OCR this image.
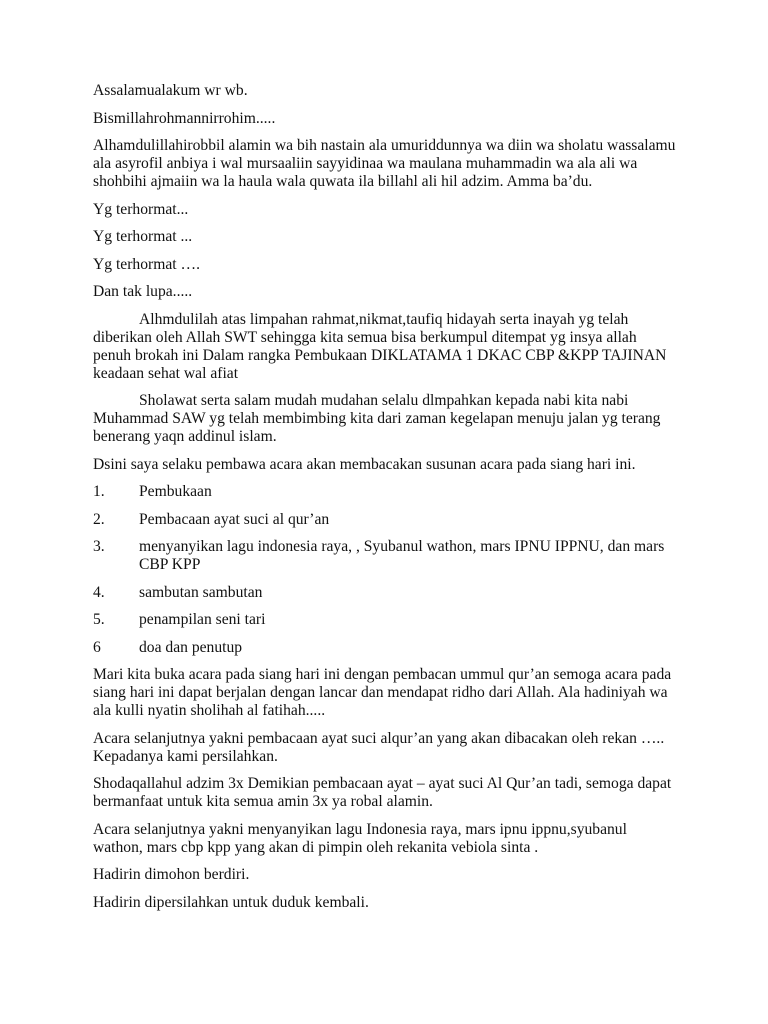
Assalamualakum wr wb.

Bismillahrohmannirrohim.....

Alhamdulillahirobbil alamin wa bih nastain ala umuriddunnya wa diin wa sholatu wassalamu
ala asyrofil anbiya i wal mursaaliin sayyidinaa wa maulana muhammadin wa ala ali wa
shohbihi ajmaiin wa la haula wala quwata ila billahl ali hil adzim. Amma ba’du.

Yg terhormat...

Yg terhormat ...

Yg terhormat ….

Dan tak lupa.....

Alhmdulilah atas limpahan rahmat,nikmat,taufiq hidayah serta inayah yg telah
diberikan oleh Allah SWT sehingga kita semua bisa berkumpul ditempat yg insya allah
penuh brokah ini Dalam rangka Pembukaan DIKLATAMA 1 DKAC CBP &KPP TAJINAN
keadaan sehat wal afiat

Sholawat serta salam mudah mudahan selalu dlmpahkan kepada nabi kita nabi
Muhammad SAW yg telah membimbing kita dari zaman kegelapan menuju jalan yg terang
benerang yaqn addinul islam.

Dsini saya selaku pembawa acara akan membacakan susunan acara pada siang hari ini.

1.	Pembukaan
2.	Pembacaan ayat suci al qur’an
3.	menyanyikan lagu indonesia raya, , Syubanul wathon, mars IPNU IPPNU, dan mars
CBP KPP
4.	sambutan sambutan
5.	penampilan seni tari
6	doa dan penutup

Mari kita buka acara pada siang hari ini dengan pembacan ummul qur’an semoga acara pada
siang hari ini dapat berjalan dengan lancar dan mendapat ridho dari Allah. Ala hadiniyah wa
ala kulli nyatin sholihah al fatihah.....

Acara selanjutnya yakni pembacaan ayat suci alqur’an yang akan dibacakan oleh rekan …..
Kepadanya kami persilahkan.

Shodaqallahul adzim 3x Demikian pembacaan ayat – ayat suci Al Qur’an tadi, semoga dapat
bermanfaat untuk kita semua amin 3x ya robal alamin.

Acara selanjutnya yakni menyanyikan lagu Indonesia raya, mars ipnu ippnu,syubanul
wathon, mars cbp kpp yang akan di pimpin oleh rekanita vebiola sinta .

Hadirin dimohon berdiri.

Hadirin dipersilahkan untuk duduk kembali.
